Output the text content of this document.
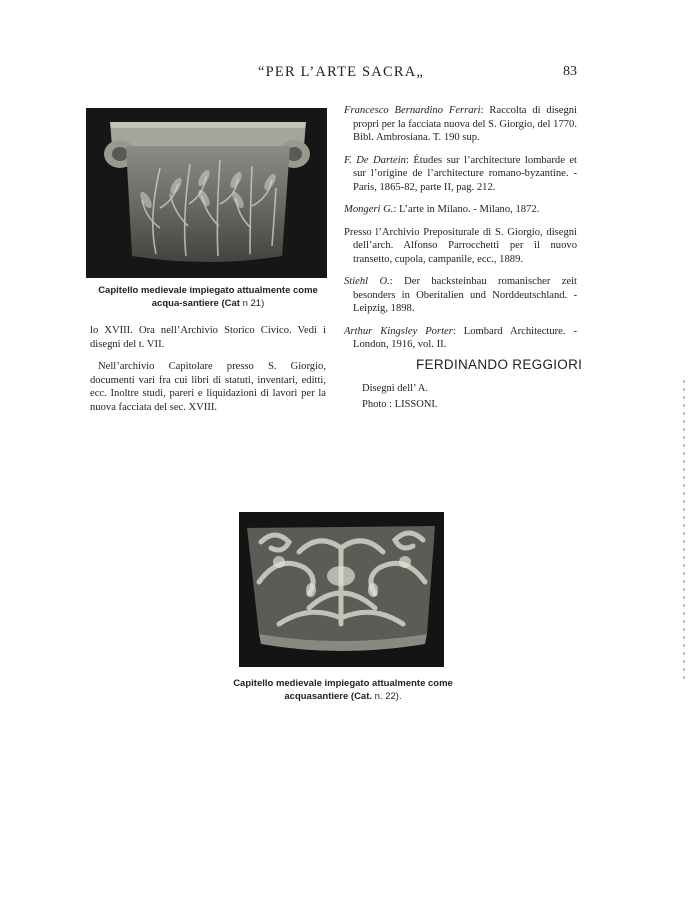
“PER L’ARTE SACRA„	83
Capitello medievale impiegato attualmente come acqua-santiere (Cat n 21)

lo XVIII. Ora nell’Archivio Storico Civico. Vedi i disegni del t. VII.

Nell’archivio Capitolare presso S. Giorgio, documenti vari fra cui libri di statuti, inventari, editti, ecc. Inoltre studi, pareri e liquidazioni di lavori per la nuova facciata del sec. XVIII.

Francesco Bernardino Ferrari: Raccolta di disegni propri per la facciata nuova del S. Giorgio, del 1770. Bibl. Ambrosiana. T. 190 sup.

F. De Dartein: Études sur l’architecture lombarde et sur l’origine de l’architecture romano-byzantine. - Paris, 1865-82, parte II, pag. 212.

Mongeri G.: L’arte in Milano. - Milano, 1872.

Presso l’Archivio Prepositurale di S. Giorgio, disegni dell’arch. Alfonso Parrocchetti per il nuovo transetto, cupola, campanile, ecc., 1889.

Stiehl O.: Der backsteinbau romanischer zeit besonders in Oberitalien und Norddeutschland. - Leipzig, 1898.

Arthur Kingsley Porter: Lombard Architecture. - London, 1916, vol. II.

FERDINANDO REGGIORI
Disegni dell’ A.
Photo : LISSONI.
Capitello medievale impiegato attualmente come acquasantiere (Cat. n. 22).
